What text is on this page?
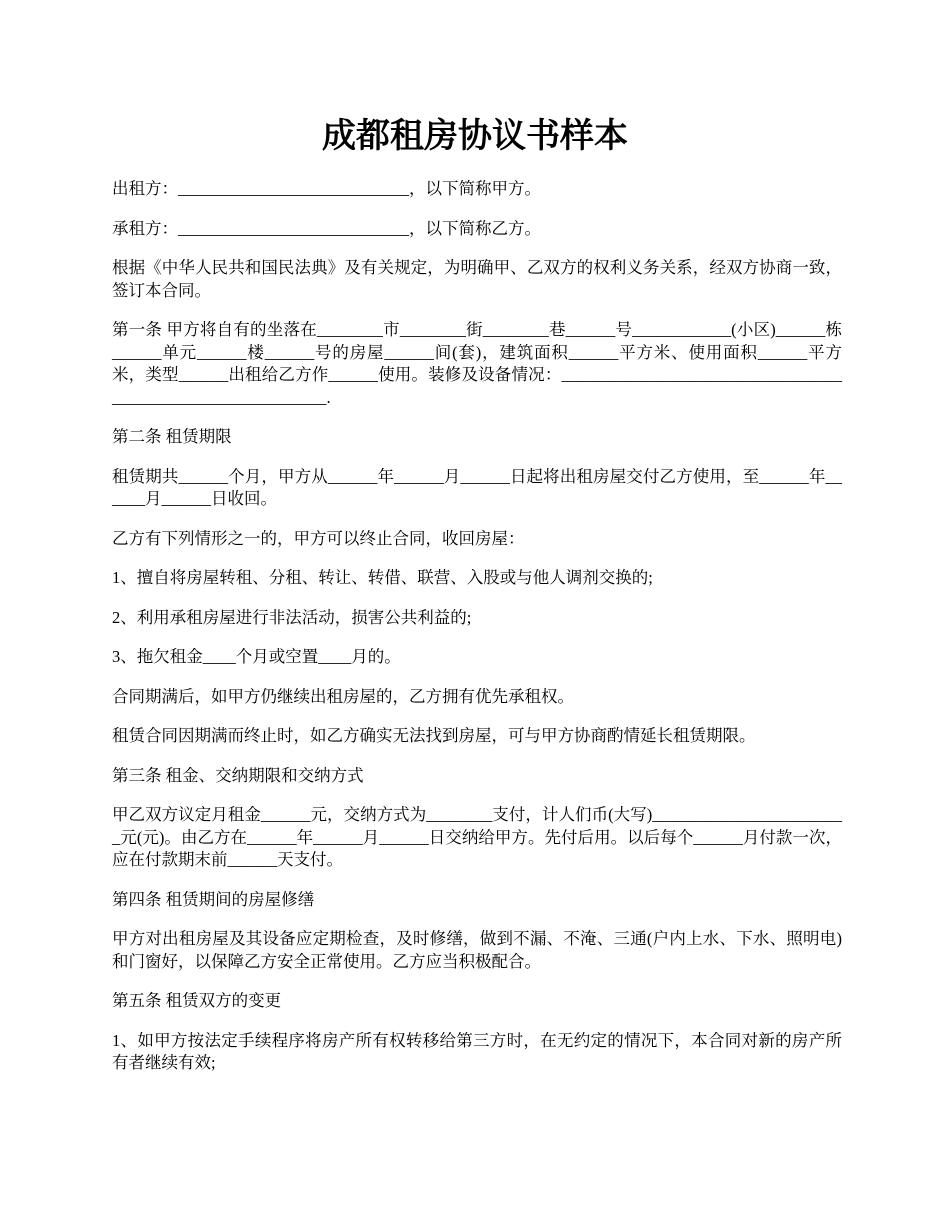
成都租房协议书样本

出租方：____________________________，以下简称甲方。

承租方：____________________________，以下简称乙方。

根据《中华人民共和国民法典》及有关规定，为明确甲、乙双方的权利义务关系，经双方协商一致，签订本合同。

第一条 甲方将自有的坐落在________市________街________巷______号____________(小区)______栋______单元______楼______号的房屋______间(套)，建筑面积______平方米、使用面积______平方米，类型______出租给乙方作______使用。装修及设备情况：____________________________________________________________.

第二条 租赁期限

租赁期共______个月，甲方从______年______月______日起将出租房屋交付乙方使用，至______年______月______日收回。

乙方有下列情形之一的，甲方可以终止合同，收回房屋：

1、擅自将房屋转租、分租、转让、转借、联营、入股或与他人调剂交换的;

2、利用承租房屋进行非法活动，损害公共利益的;

3、拖欠租金____个月或空置____月的。

合同期满后，如甲方仍继续出租房屋的，乙方拥有优先承租权。

租赁合同因期满而终止时，如乙方确实无法找到房屋，可与甲方协商酌情延长租赁期限。

第三条 租金、交纳期限和交纳方式

甲乙双方议定月租金______元，交纳方式为________支付，计人们币(大写)________________________元(元)。由乙方在______年______月______日交纳给甲方。先付后用。以后每个______月付款一次，应在付款期末前______天支付。

第四条 租赁期间的房屋修缮

甲方对出租房屋及其设备应定期检查，及时修缮，做到不漏、不淹、三通(户内上水、下水、照明电)和门窗好，以保障乙方安全正常使用。乙方应当积极配合。

第五条 租赁双方的变更

1、如甲方按法定手续程序将房产所有权转移给第三方时，在无约定的情况下，本合同对新的房产所有者继续有效;
